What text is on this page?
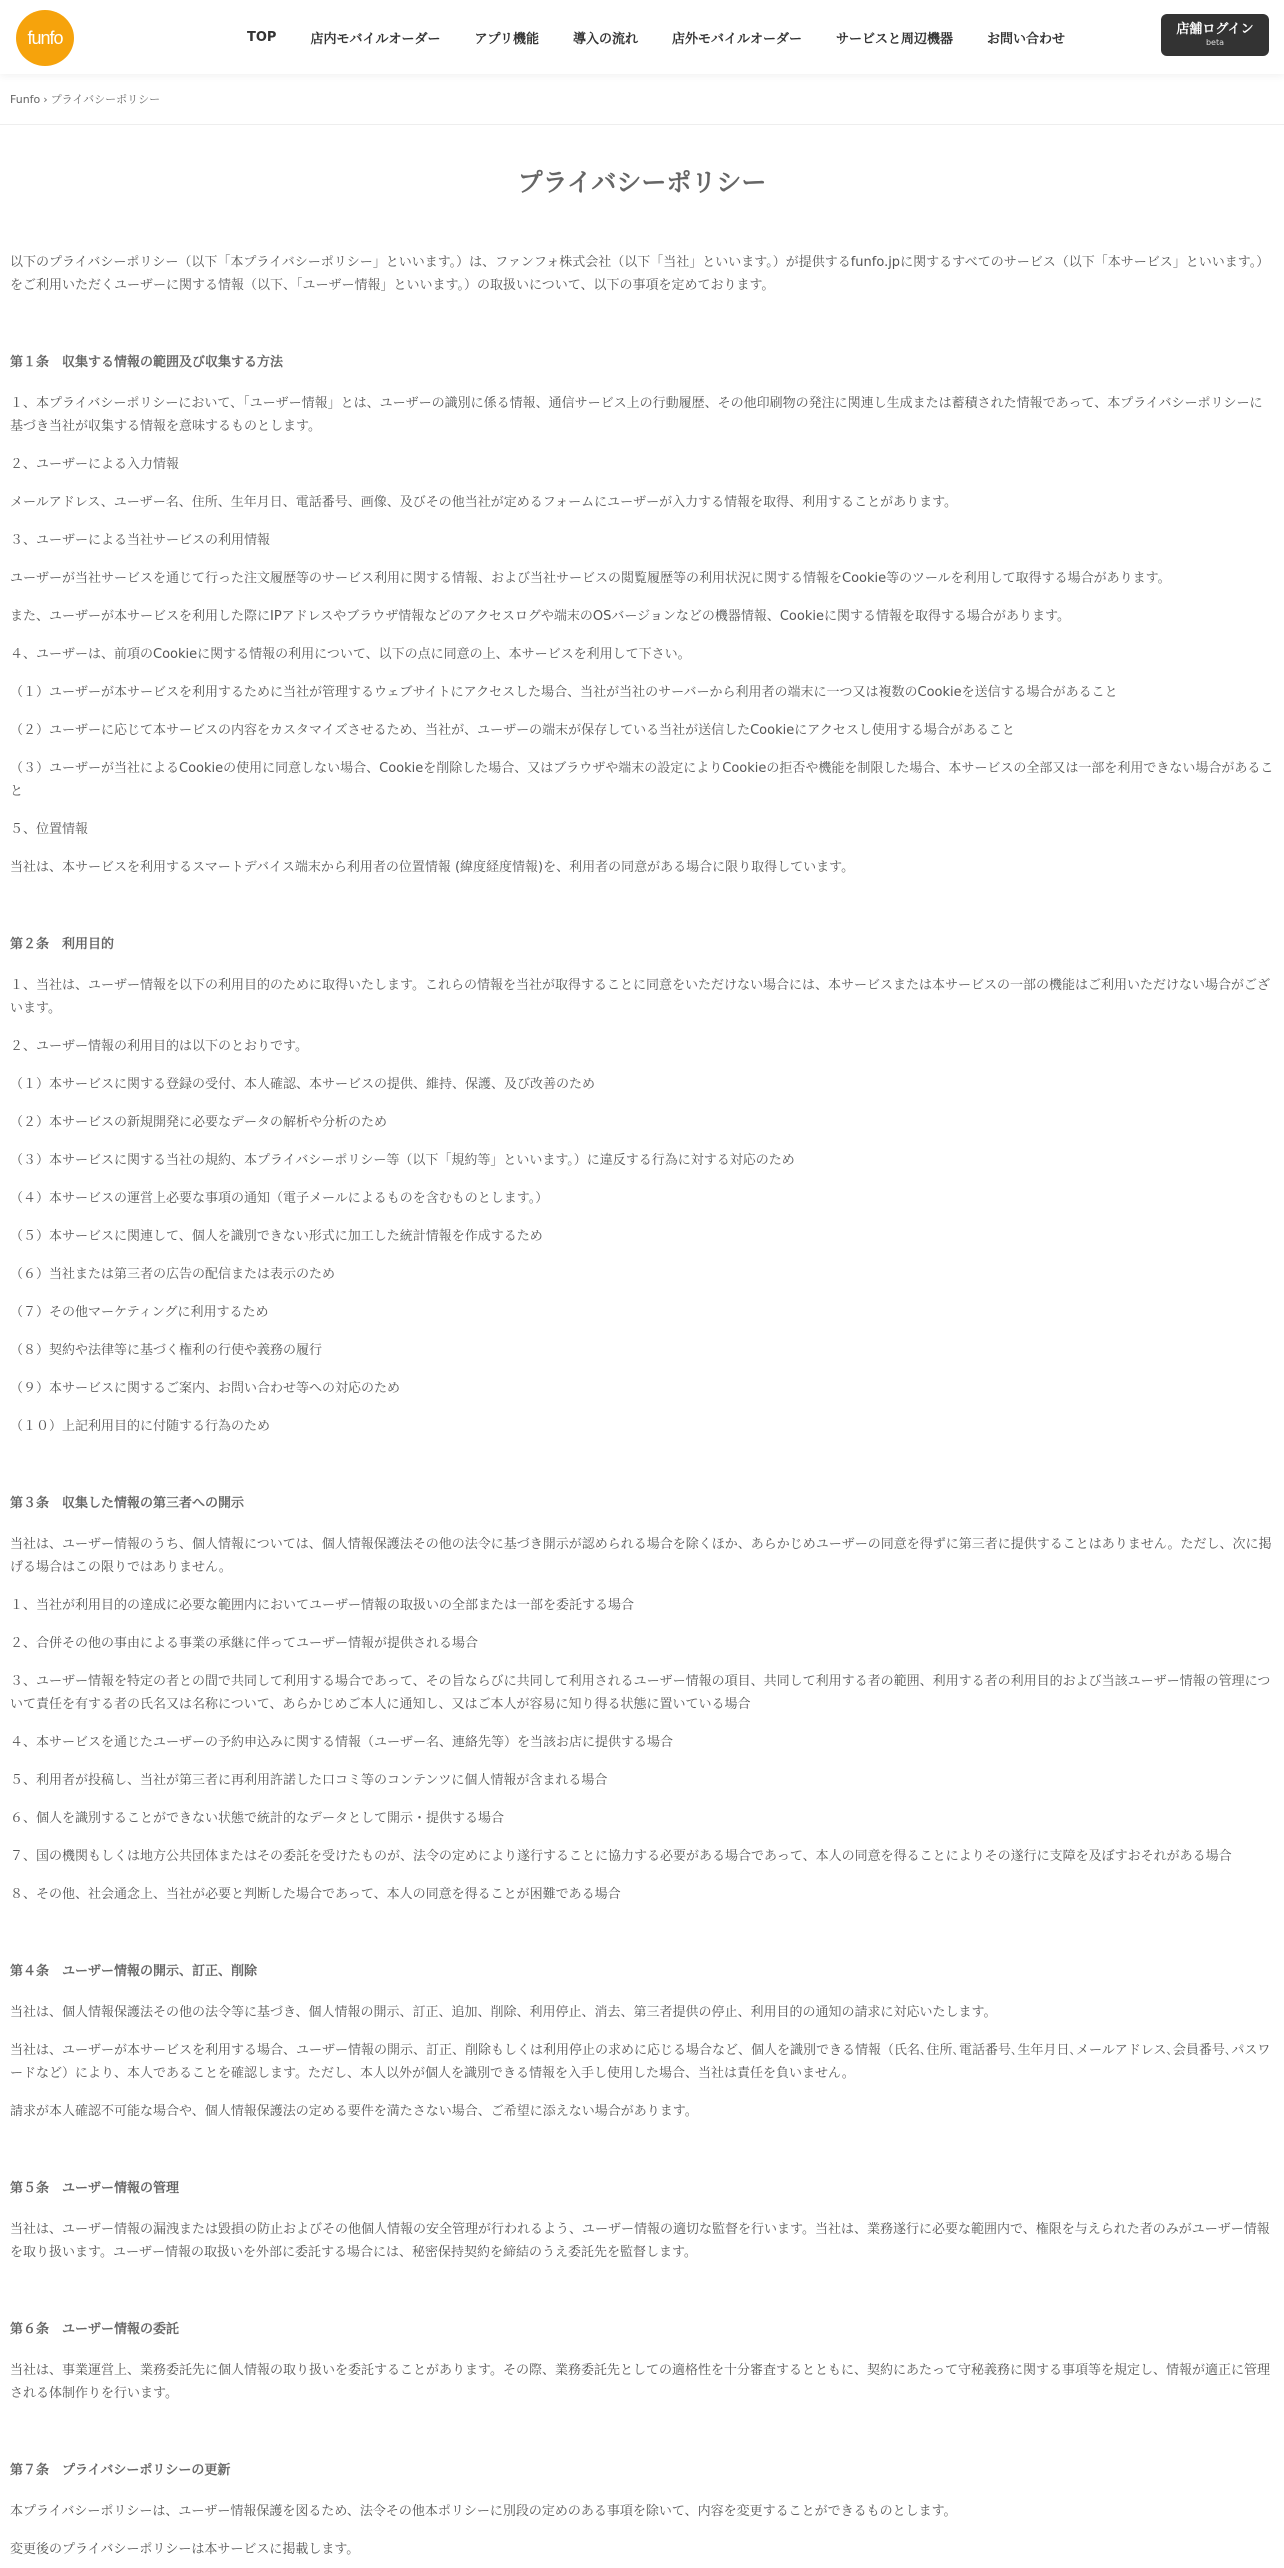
funfo	TOP	店内モバイルオーダー	アプリ機能	導入の流れ	店外モバイルオーダー	サービスと周辺機器	お問い合わせ
店舗ログイン
beta
Funfo › プライバシーポリシー
プライバシーポリシー

以下のプライバシーポリシー（以下「本プライバシーポリシー」といいます。）は、ファンフォ株式会社（以下「当社」といいます。）が提供するfunfo.jpに関するすべてのサービス（以下「本サービス」といいます。）をご利用いただくユーザーに関する情報（以下、「ユーザー情報」といいます。）の取扱いについて、以下の事項を定めております。

第１条　収集する情報の範囲及び収集する方法

１、本プライバシーポリシーにおいて、「ユーザー情報」とは、ユーザーの識別に係る情報、通信サービス上の行動履歴、その他印刷物の発注に関連し生成または蓄積された情報であって、本プライバシーポリシーに基づき当社が収集する情報を意味するものとします。

２、ユーザーによる入力情報

メールアドレス、ユーザー名、住所、生年月日、電話番号、画像、及びその他当社が定めるフォームにユーザーが入力する情報を取得、利用することがあります。

３、ユーザーによる当社サービスの利用情報

ユーザーが当社サービスを通じて行った注文履歴等のサービス利用に関する情報、および当社サービスの閲覧履歴等の利用状況に関する情報をCookie等のツールを利用して取得する場合があります。

また、ユーザーが本サービスを利用した際にIPアドレスやブラウザ情報などのアクセスログや端末のOSバージョンなどの機器情報、Cookieに関する情報を取得する場合があります。

４、ユーザーは、前項のCookieに関する情報の利用について、以下の点に同意の上、本サービスを利用して下さい。

（１）ユーザーが本サービスを利用するために当社が管理するウェブサイトにアクセスした場合、当社が当社のサーバーから利用者の端末に一つ又は複数のCookieを送信する場合があること

（２）ユーザーに応じて本サービスの内容をカスタマイズさせるため、当社が、ユーザーの端末が保存している当社が送信したCookieにアクセスし使用する場合があること

（３）ユーザーが当社によるCookieの使用に同意しない場合、Cookieを削除した場合、又はブラウザや端末の設定によりCookieの拒否や機能を制限した場合、本サービスの全部又は一部を利用できない場合があること

５、位置情報

当社は、本サービスを利用するスマートデバイス端末から利用者の位置情報 (緯度経度情報)を、利用者の同意がある場合に限り取得しています。

第２条　利用目的

１、当社は、ユーザー情報を以下の利用目的のために取得いたします。これらの情報を当社が取得することに同意をいただけない場合には、本サービスまたは本サービスの一部の機能はご利用いただけない場合がございます。

２、ユーザー情報の利用目的は以下のとおりです。

（１）本サービスに関する登録の受付、本人確認、本サービスの提供、維持、保護、及び改善のため

（２）本サービスの新規開発に必要なデータの解析や分析のため

（３）本サービスに関する当社の規約、本プライバシーポリシー等（以下「規約等」といいます。）に違反する行為に対する対応のため

（４）本サービスの運営上必要な事項の通知（電子メールによるものを含むものとします。）

（５）本サービスに関連して、個人を識別できない形式に加工した統計情報を作成するため

（６）当社または第三者の広告の配信または表示のため

（７）その他マーケティングに利用するため

（８）契約や法律等に基づく権利の行使や義務の履行

（９）本サービスに関するご案内、お問い合わせ等への対応のため

（１０）上記利用目的に付随する行為のため

第３条　収集した情報の第三者への開示

当社は、ユーザー情報のうち、個人情報については、個人情報保護法その他の法令に基づき開示が認められる場合を除くほか、あらかじめユーザーの同意を得ずに第三者に提供することはありません。ただし、次に掲げる場合はこの限りではありません。

１、当社が利用目的の達成に必要な範囲内においてユーザー情報の取扱いの全部または一部を委託する場合

２、合併その他の事由による事業の承継に伴ってユーザー情報が提供される場合

３、ユーザー情報を特定の者との間で共同して利用する場合であって、その旨ならびに共同して利用されるユーザー情報の項目、共同して利用する者の範囲、利用する者の利用目的および当該ユーザー情報の管理について責任を有する者の氏名又は名称について、あらかじめご本人に通知し、又はご本人が容易に知り得る状態に置いている場合

４、本サービスを通じたユーザーの予約申込みに関する情報（ユーザー名、連絡先等）を当該お店に提供する場合

５、利用者が投稿し、当社が第三者に再利用許諾した口コミ等のコンテンツに個人情報が含まれる場合

６、個人を識別することができない状態で統計的なデータとして開示・提供する場合

７、国の機関もしくは地方公共団体またはその委託を受けたものが、法令の定めにより遂行することに協力する必要がある場合であって、本人の同意を得ることによりその遂行に支障を及ぼすおそれがある場合

８、その他、社会通念上、当社が必要と判断した場合であって、本人の同意を得ることが困難である場合

第４条　ユーザー情報の開示、訂正、削除

当社は、個人情報保護法その他の法令等に基づき、個人情報の開示、訂正、追加、削除、利用停止、消去、第三者提供の停止、利用目的の通知の請求に対応いたします。

当社は、ユーザーが本サービスを利用する場合、ユーザー情報の開示、訂正、削除もしくは利用停止の求めに応じる場合など、個人を識別できる情報（氏名､住所､電話番号､生年月日､メールアドレス､会員番号､パスワードなど）により、本人であることを確認します。ただし、本人以外が個人を識別できる情報を入手し使用した場合、当社は責任を負いません。

請求が本人確認不可能な場合や、個人情報保護法の定める要件を満たさない場合、ご希望に添えない場合があります。

第５条　ユーザー情報の管理

当社は、ユーザー情報の漏洩または毀損の防止およびその他個人情報の安全管理が行われるよう、ユーザー情報の適切な監督を行います。当社は、業務遂行に必要な範囲内で、権限を与えられた者のみがユーザー情報を取り扱います。ユーザー情報の取扱いを外部に委託する場合には、秘密保持契約を締結のうえ委託先を監督します。

第６条　ユーザー情報の委託

当社は、事業運営上、業務委託先に個人情報の取り扱いを委託することがあります。その際、業務委託先としての適格性を十分審査するとともに、契約にあたって守秘義務に関する事項等を規定し、情報が適正に管理される体制作りを行います。

第７条　プライバシーポリシーの更新

本プライバシーポリシーは、ユーザー情報保護を図るため、法令その他本ポリシーに別段の定めのある事項を除いて、内容を変更することができるものとします。

変更後のプライバシーポリシーは本サービスに掲載します。
